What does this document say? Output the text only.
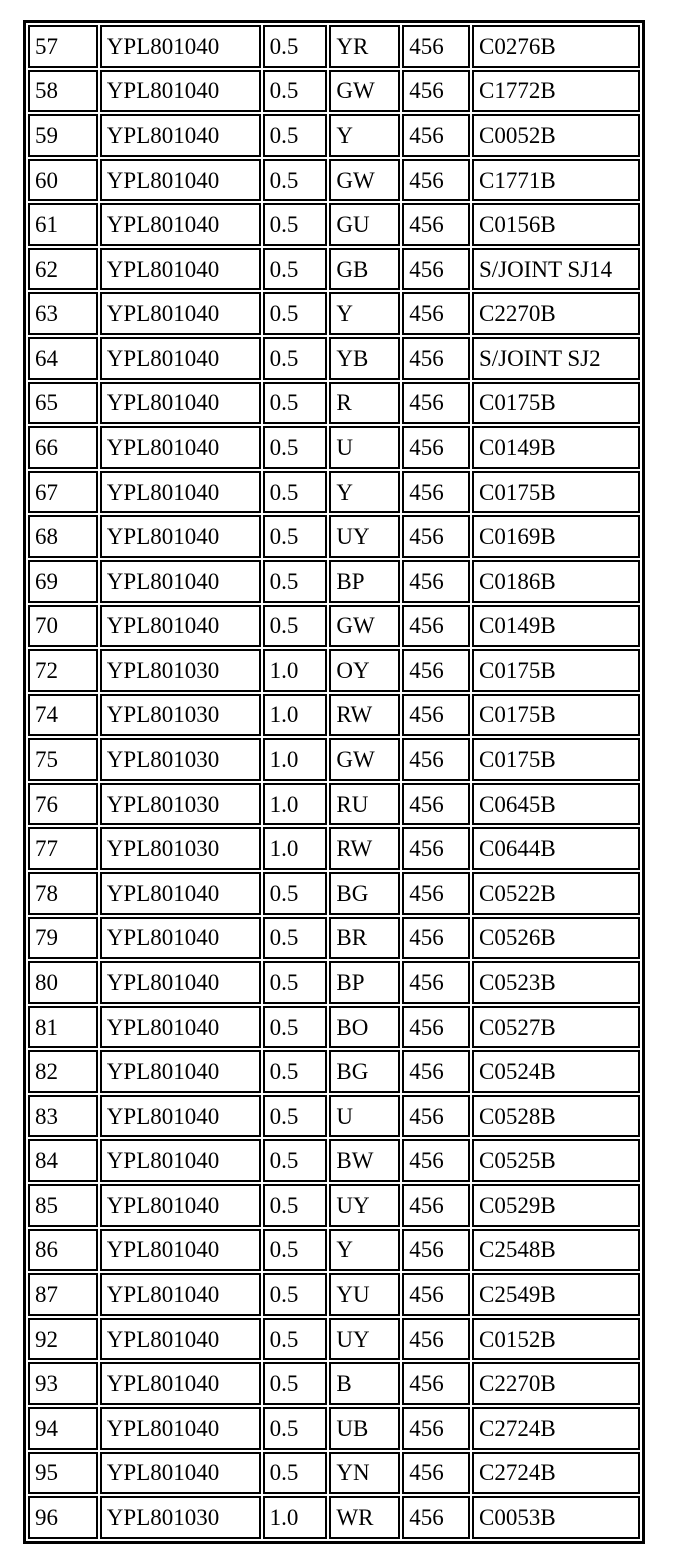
57	YPL801040	0.5	YR	456	C0276B
58	YPL801040	0.5	GW	456	C1772B
59	YPL801040	0.5	Y	456	C0052B
60	YPL801040	0.5	GW	456	C1771B
61	YPL801040	0.5	GU	456	C0156B
62	YPL801040	0.5	GB	456	S/JOINT SJ14
63	YPL801040	0.5	Y	456	C2270B
64	YPL801040	0.5	YB	456	S/JOINT SJ2
65	YPL801040	0.5	R	456	C0175B
66	YPL801040	0.5	U	456	C0149B
67	YPL801040	0.5	Y	456	C0175B
68	YPL801040	0.5	UY	456	C0169B
69	YPL801040	0.5	BP	456	C0186B
70	YPL801040	0.5	GW	456	C0149B
72	YPL801030	1.0	OY	456	C0175B
74	YPL801030	1.0	RW	456	C0175B
75	YPL801030	1.0	GW	456	C0175B
76	YPL801030	1.0	RU	456	C0645B
77	YPL801030	1.0	RW	456	C0644B
78	YPL801040	0.5	BG	456	C0522B
79	YPL801040	0.5	BR	456	C0526B
80	YPL801040	0.5	BP	456	C0523B
81	YPL801040	0.5	BO	456	C0527B
82	YPL801040	0.5	BG	456	C0524B
83	YPL801040	0.5	U	456	C0528B
84	YPL801040	0.5	BW	456	C0525B
85	YPL801040	0.5	UY	456	C0529B
86	YPL801040	0.5	Y	456	C2548B
87	YPL801040	0.5	YU	456	C2549B
92	YPL801040	0.5	UY	456	C0152B
93	YPL801040	0.5	B	456	C2270B
94	YPL801040	0.5	UB	456	C2724B
95	YPL801040	0.5	YN	456	C2724B
96	YPL801030	1.0	WR	456	C0053B
